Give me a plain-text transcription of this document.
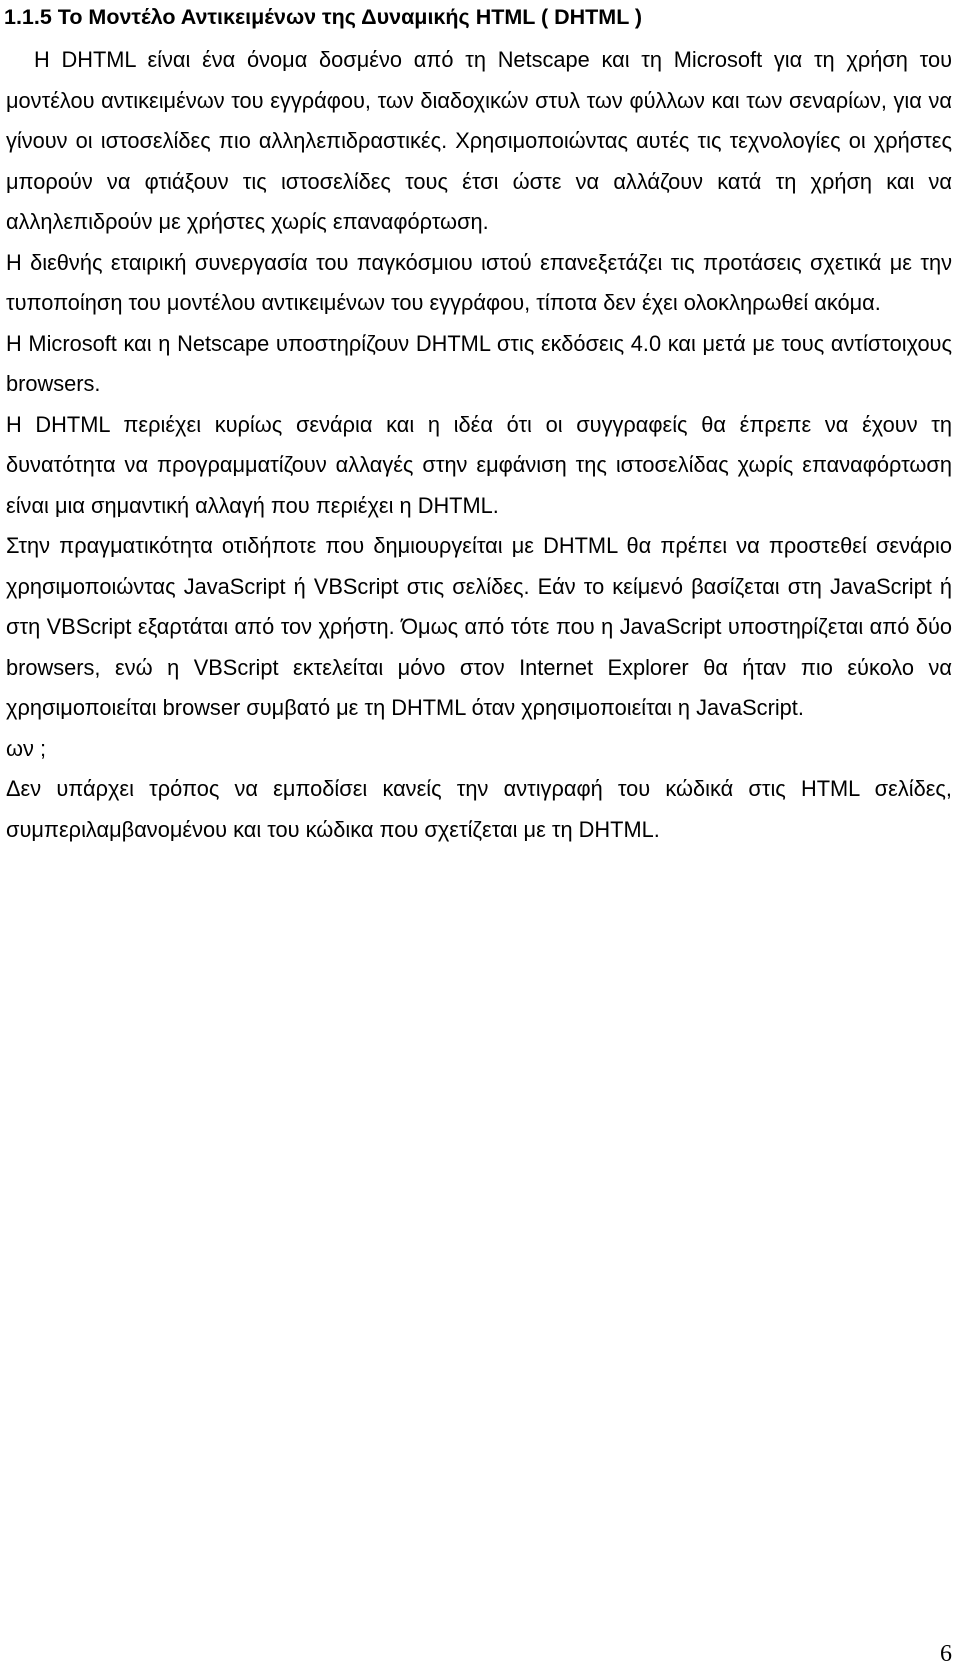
1.1.5 Το Μοντέλο Αντικειμένων της Δυναμικής HTML ( DHTML )

Η DHTML είναι ένα όνομα δοσμένο από τη Netscape και τη Microsoft για τη χρήση του μοντέλου αντικειμένων του εγγράφου, των διαδοχικών στυλ των φύλλων και των σεναρίων, για να γίνουν οι ιστοσελίδες πιο αλληλεπιδραστικές. Χρησιμοποιώντας αυτές τις τεχνολογίες οι χρήστες μπορούν να φτιάξουν τις ιστοσελίδες τους έτσι ώστε να αλλάζουν κατά τη χρήση και να αλληλεπιδρούν με χρήστες χωρίς επαναφόρτωση.

Η διεθνής εταιρική συνεργασία του παγκόσμιου ιστού επανεξετάζει τις προτάσεις σχετικά με την τυποποίηση του μοντέλου αντικειμένων του εγγράφου, τίποτα δεν έχει ολοκληρωθεί ακόμα.

Η Microsoft και η Netscape υποστηρίζουν DHTML στις εκδόσεις 4.0 και μετά με τους αντίστοιχους browsers.

Η DHTML περιέχει κυρίως σενάρια και η ιδέα ότι οι συγγραφείς θα έπρεπε να έχουν τη δυνατότητα να προγραμματίζουν αλλαγές στην εμφάνιση της ιστοσελίδας χωρίς επαναφόρτωση είναι μια σημαντική αλλαγή που περιέχει η DHTML.

Στην πραγματικότητα οτιδήποτε που δημιουργείται με DHTML θα πρέπει να προστεθεί σενάριο χρησιμοποιώντας JavaScript ή VBScript στις σελίδες. Εάν το κείμενό βασίζεται στη JavaScript ή στη VBScript εξαρτάται από τον χρήστη. Όμως από τότε που η JavaScript υποστηρίζεται από δύο browsers, ενώ η VBScript εκτελείται μόνο στον Internet Explorer θα ήταν πιο εύκολο να χρησιμοποιείται browser συμβατό με τη DHTML όταν χρησιμοποιείται η JavaScript.

ων ;

Δεν υπάρχει τρόπος να εμποδίσει κανείς την αντιγραφή του κώδικά στις HTML σελίδες, συμπεριλαμβανομένου και του κώδικα που σχετίζεται με τη DHTML.

6
